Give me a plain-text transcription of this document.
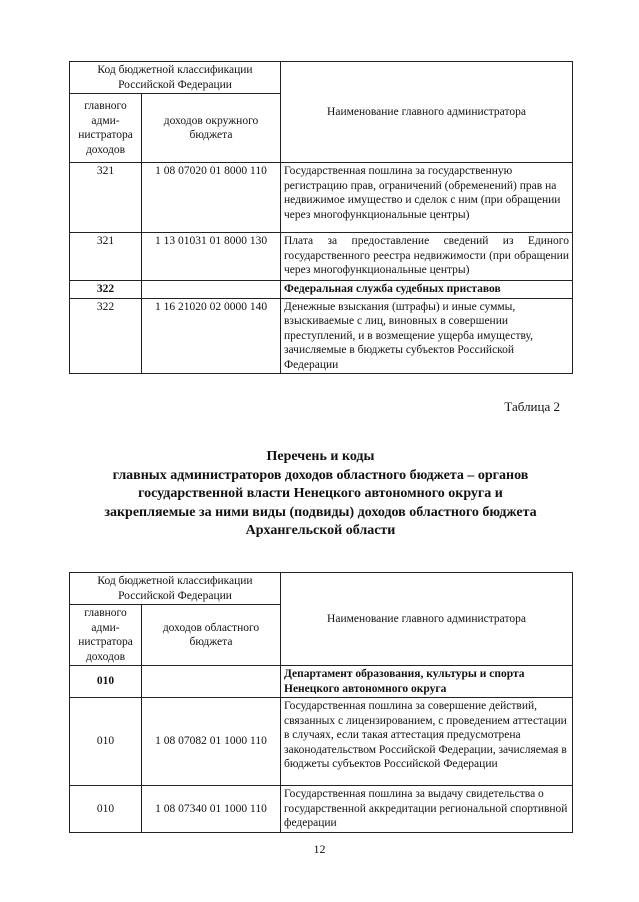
Код бюджетной классификации Российской Федерации		Наименование главного администратора
главного адми-нистратора доходов	доходов окружного бюджета	
321	1 08 07020 01 8000 110	Государственная пошлина за государственную регистрацию прав, ограничений (обременений) прав на недвижимое имущество и сделок с ним (при обращении через многофункциональные центры)
321	1 13 01031 01 8000 130	Плата за предоставление сведений из Единого государственного реестра недвижимости (при обращении через многофункциональные центры)
322		Федеральная служба судебных приставов
322	1 16 21020 02 0000 140	Денежные взыскания (штрафы) и иные суммы, взыскиваемые с лиц, виновных в совершении преступлений, и в возмещение ущерба имуществу, зачисляемые в бюджеты субъектов Российской Федерации
Таблица 2
Перечень и коды
главных администраторов доходов областного бюджета – органов
государственной власти Ненецкого автономного округа и
закрепляемые за ними виды (подвиды) доходов областного бюджета
Архангельской области
Код бюджетной классификации Российской Федерации		Наименование главного администратора
главного адми-нистратора доходов	доходов областного бюджета	
010		Департамент образования, культуры и спорта Ненецкого автономного округа
010	1 08 07082 01 1000 110	Государственная пошлина за совершение действий, связанных с лицензированием, с проведением аттестации в случаях, если такая аттестация предусмотрена законодательством Российской Федерации, зачисляемая в бюджеты субъектов Российской Федерации
010	1 08 07340 01 1000 110	Государственная пошлина за выдачу свидетельства о государственной аккредитации региональной спортивной федерации
12
